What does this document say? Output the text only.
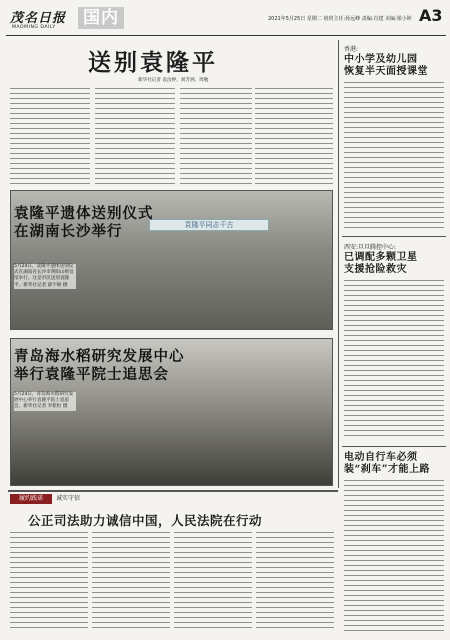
茂名日报
MAOMING DAILY 国内	2021年5月25日 星期二 值班主任:孙远峰 责编:肖建 美编:梁小婷 A3
送别袁隆平
新华社记者 袁汝婷、刘芳洲、周勉
袁隆平同志千古
袁隆平遗体送别仪式
在湖南长沙举行
5月24日，袁隆平遗体送别仪式在湖南省长沙市明阳山殡仪馆举行。这是市民送别袁隆平。新华社记者 薛宇舸 摄
青岛海水稻研究发展中心
举行袁隆平院士追思会
5月24日，青岛海水稻研究发展中心举行袁隆平院士追思会。新华社记者 李紫恒 摄
香港:
中小学及幼儿园
恢复半天面授课堂
西安:旦旦腾控中心:
已调配多颗卫星
支援抢险救灾
电动自行车必须
装“刹车”才能上路
履约践诺	诚实守信
公正司法助力诚信中国，人民法院在行动
